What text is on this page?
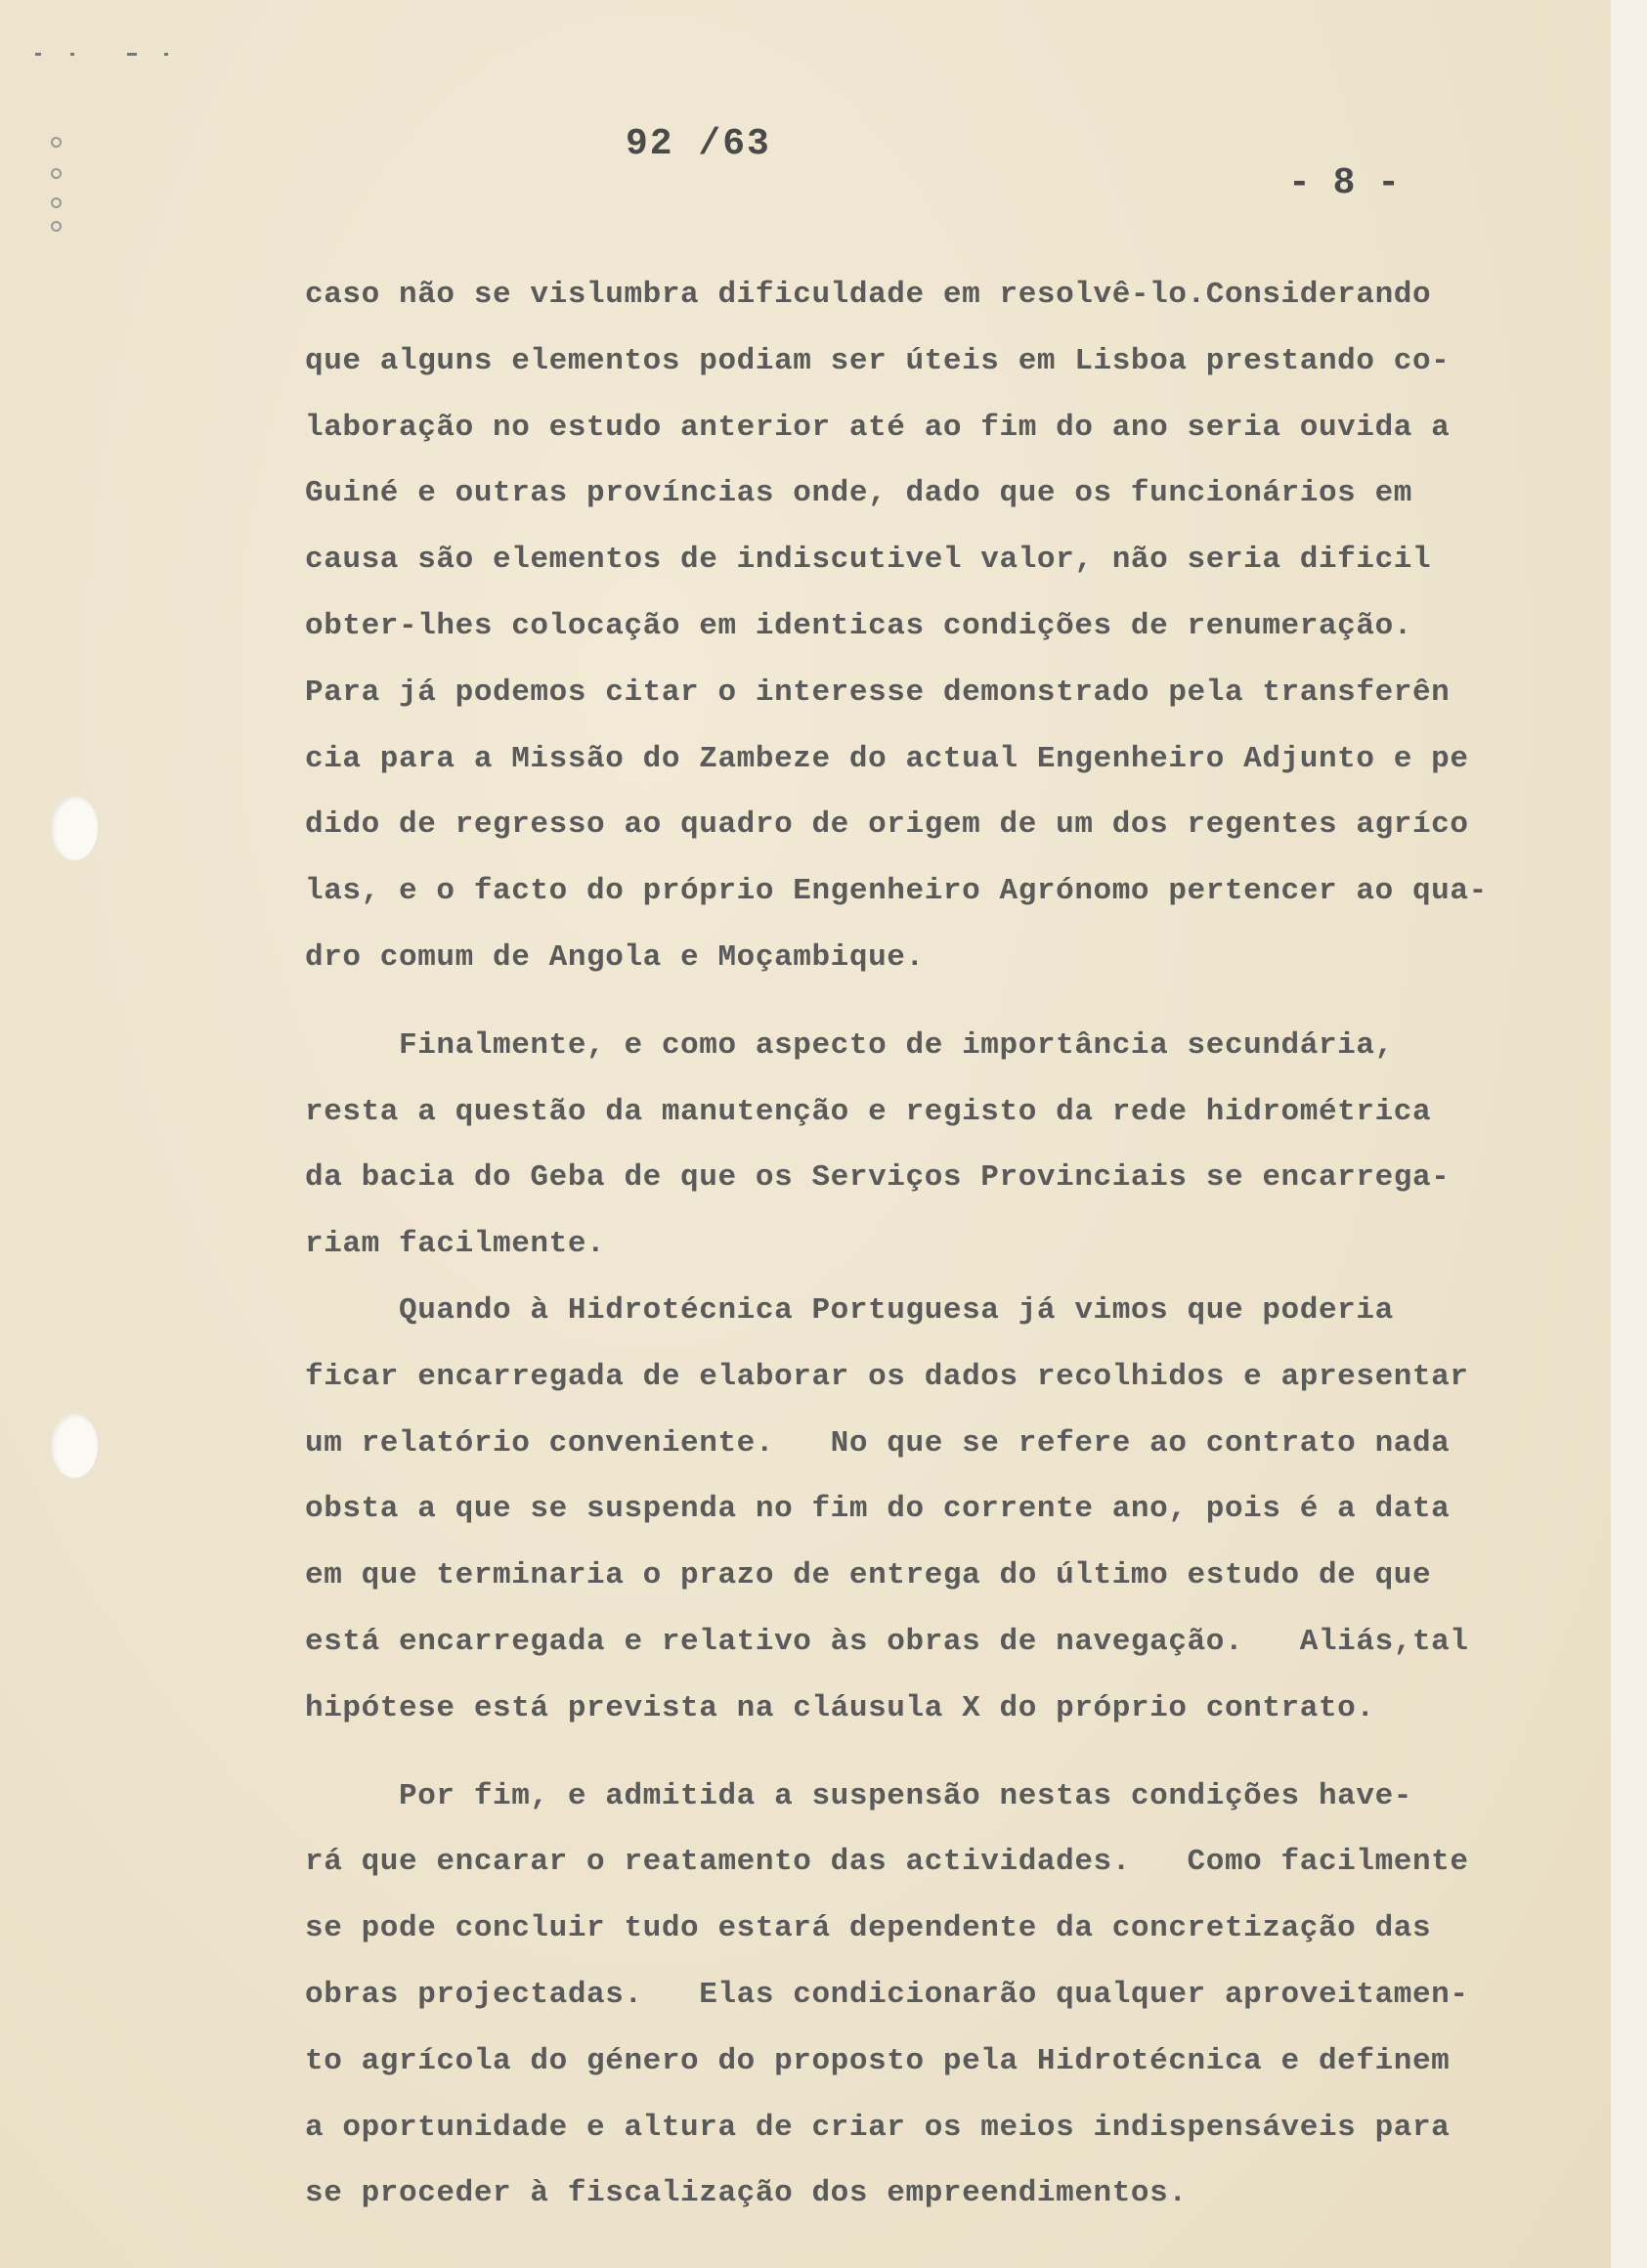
92 /63
- 8 -
caso não se vislumbra dificuldade em resolvê-lo.Considerando
que alguns elementos podiam ser úteis em Lisboa prestando co-
laboração no estudo anterior até ao fim do ano seria ouvida a
Guiné e outras províncias onde, dado que os funcionários em
causa são elementos de indiscutivel valor, não seria dificil
obter-lhes colocação em identicas condições de renumeração.
Para já podemos citar o interesse demonstrado pela transferên
cia para a Missão do Zambeze do actual Engenheiro Adjunto e pe
dido de regresso ao quadro de origem de um dos regentes agríco
las, e o facto do próprio Engenheiro Agrónomo pertencer ao qua-
dro comum de Angola e Moçambique.
Finalmente, e como aspecto de importância secundária,
resta a questão da manutenção e registo da rede hidrométrica
da bacia do Geba de que os Serviços Provinciais se encarrega-
riam facilmente.
Quando à Hidrotécnica Portuguesa já vimos que poderia
ficar encarregada de elaborar os dados recolhidos e apresentar
um relatório conveniente.   No que se refere ao contrato nada
obsta a que se suspenda no fim do corrente ano, pois é a data
em que terminaria o prazo de entrega do último estudo de que
está encarregada e relativo às obras de navegação.   Aliás,tal
hipótese está prevista na cláusula X do próprio contrato.
Por fim, e admitida a suspensão nestas condições have-
rá que encarar o reatamento das actividades.   Como facilmente
se pode concluir tudo estará dependente da concretização das
obras projectadas.   Elas condicionarão qualquer aproveitamen-
to agrícola do género do proposto pela Hidrotécnica e definem
a oportunidade e altura de criar os meios indispensáveis para
se proceder à fiscalização dos empreendimentos.
